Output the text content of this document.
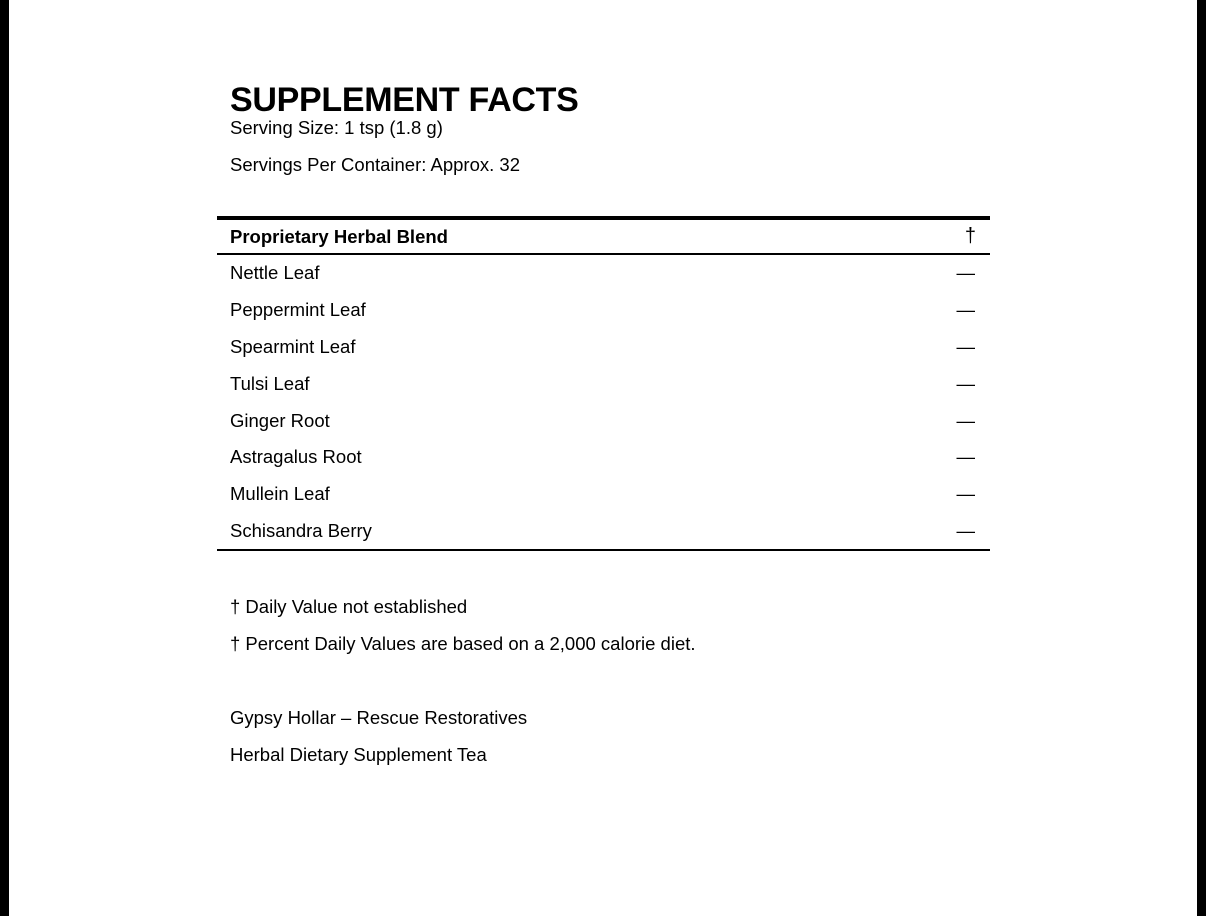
SUPPLEMENT FACTS
Serving Size: 1 tsp (1.8 g)
Servings Per Container: Approx. 32
Proprietary Herbal Blend	†
Nettle Leaf	—
Peppermint Leaf	—
Spearmint Leaf	—
Tulsi Leaf	—
Ginger Root	—
Astragalus Root	—
Mullein Leaf	—
Schisandra Berry	—
† Daily Value not established
† Percent Daily Values are based on a 2,000 calorie diet.
Gypsy Hollar – Rescue Restoratives
Herbal Dietary Supplement Tea
